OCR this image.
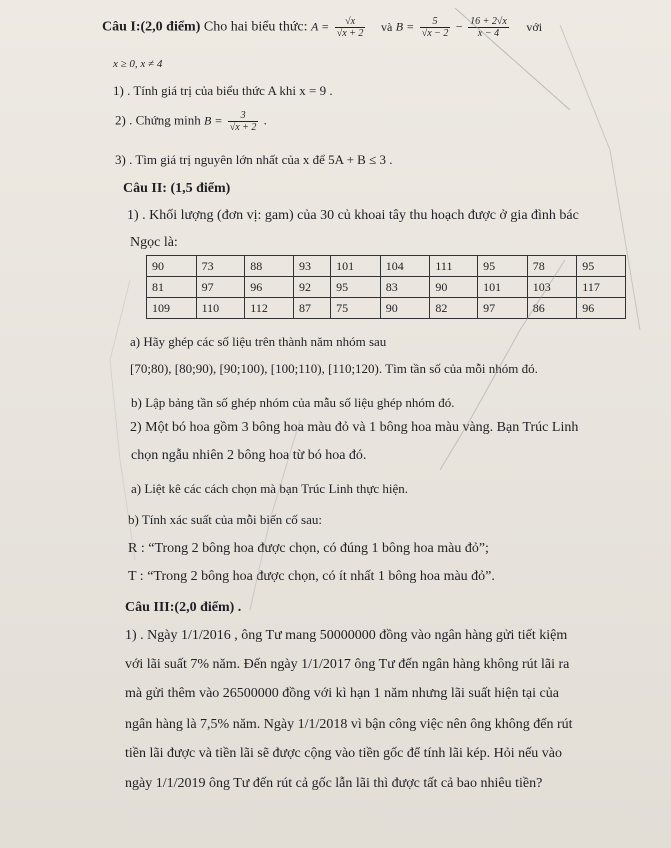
Câu I:(2,0 điểm) Cho hai biểu thức: $A = \frac{√x}{√x + 2}$ và $B = \frac{5}{√x - 2} - \frac{16 + 2√x}{x - 4}$ với
x ≥ 0, x ≠ 4
1) . Tính giá trị của biểu thức A khi x = 9 .
2) . Chứng minh $B = \frac{3}{√x + 2}$ .
3) . Tìm giá trị nguyên lớn nhất của x để 5A + B ≤ 3 .
Câu II: (1,5 điểm)
1) . Khối lượng (đơn vị: gam) của 30 củ khoai tây thu hoạch được ở gia đình bác
Ngọc là:
90	73	88	93	101	104	111	95	78	95
81	97	96	92	95	83	90	101	103	117
109	110	112	87	75	90	82	97	86	96
a) Hãy ghép các số liệu trên thành năm nhóm sau
[70;80), [80;90), [90;100), [100;110), [110;120). Tìm tần số của mỗi nhóm đó.
b) Lập bảng tần số ghép nhóm của mẫu số liệu ghép nhóm đó.
2) Một bó hoa gồm 3 bông hoa màu đỏ và 1 bông hoa màu vàng. Bạn Trúc Linh
chọn ngẫu nhiên 2 bông hoa từ bó hoa đó.
a) Liệt kê các cách chọn mà bạn Trúc Linh thực hiện.
b) Tính xác suất của mỗi biến cố sau:
R : “Trong 2 bông hoa được chọn, có đúng 1 bông hoa màu đỏ”;
T : “Trong 2 bông hoa được chọn, có ít nhất 1 bông hoa màu đỏ”.
Câu III:(2,0 điểm) .
1) . Ngày 1/1/2016 , ông Tư mang 50000000 đồng vào ngân hàng gửi tiết kiệm
với lãi suất 7% năm. Đến ngày 1/1/2017 ông Tư đến ngân hàng không rút lãi ra
mà gửi thêm vào 26500000 đồng với kì hạn 1 năm nhưng lãi suất hiện tại của
ngân hàng là 7,5% năm. Ngày 1/1/2018 vì bận công việc nên ông không đến rút
tiền lãi được và tiền lãi sẽ được cộng vào tiền gốc để tính lãi kép. Hỏi nếu vào
ngày 1/1/2019 ông Tư đến rút cả gốc lẫn lãi thì được tất cả bao nhiêu tiền?
